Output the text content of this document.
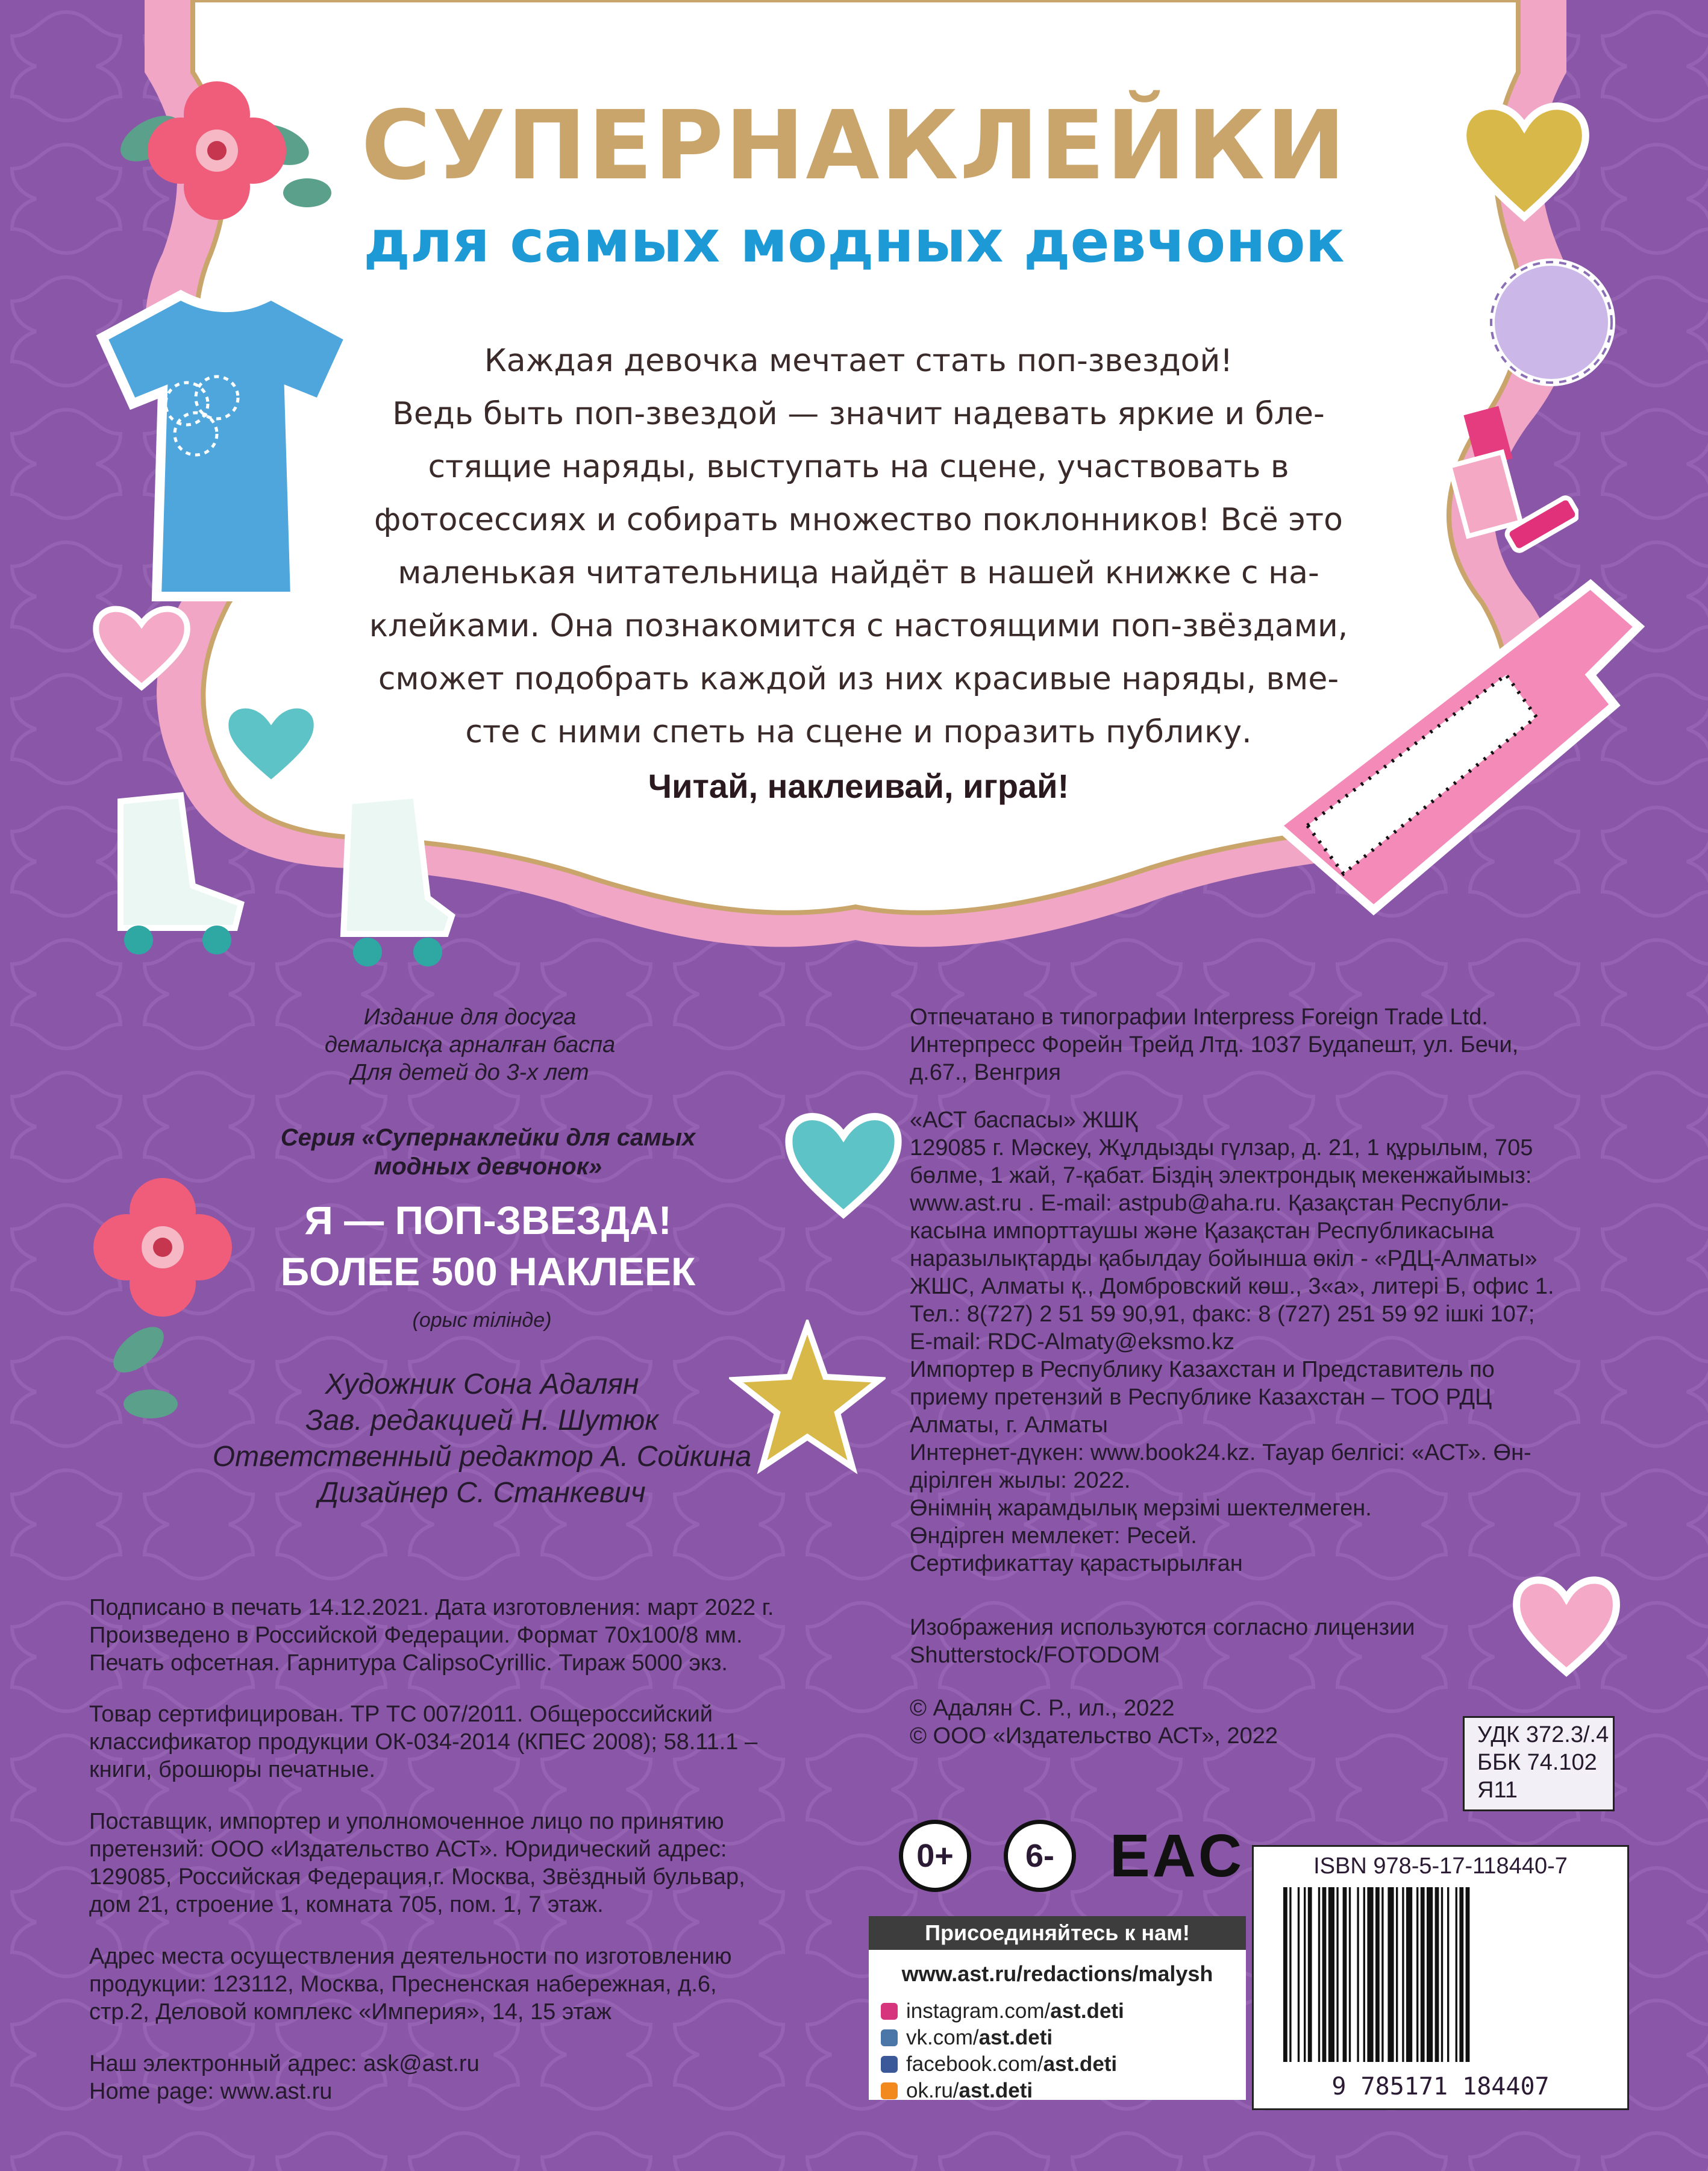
СУПЕРНАКЛЕЙКИ
для самых модных девчонок
Каждая девочка мечтает стать поп-звездой!
Ведь быть поп-звездой — значит надевать яркие и бле-
стящие наряды, выступать на сцене, участвовать в
фотосессиях и собирать множество поклонников! Всё это
маленькая читательница найдёт в нашей книжке с на-
клейками. Она познакомится с настоящими поп-звёздами,
сможет подобрать каждой из них красивые наряды, вме-
сте с ними спеть на сцене и поразить публику.
Читай, наклеивай, играй!
Издание для досуга
демалысқа арналған баспа
Для детей до 3-х лет
Серия «Супернаклейки для самых
модных девчонок»
Я — ПОП-ЗВЕЗДА!
БОЛЕЕ 500 НАКЛЕЕК
(орыс тілінде)
Художник Сона Адалян
Зав. редакцией Н. Шутюк
Ответственный редактор А. Сойкина
Дизайнер С. Станкевич
Подписано в печать 14.12.2021. Дата изготовления: март 2022 г.
Произведено в Российской Федерации. Формат 70x100/8 мм.
Печать офсетная. Гарнитура CalipsoCyrillic. Тираж 5000 экз.
Товар сертифицирован. ТР ТС 007/2011. Общероссийский
классификатор продукции ОК-034-2014 (КПЕС 2008); 58.11.1 –
книги, брошюры печатные.
Поставщик, импортер и уполномоченное лицо по принятию
претензий: ООО «Издательство АСТ». Юридический адрес:
129085, Российская Федерация,г. Москва, Звёздный бульвар,
дом 21, строение 1, комната 705, пом. 1, 7 этаж.
Адрес места осуществления деятельности по изготовлению
продукции: 123112, Москва, Пресненская набережная, д.6,
стр.2, Деловой комплекс «Империя», 14, 15 этаж
Наш электронный адрес: ask@ast.ru
Home page: www.ast.ru
Отпечатано в типографии Interpress Foreign Trade Ltd.
Интерпресс Форейн Трейд Лтд. 1037 Будапешт, ул. Бечи,
д.67., Венгрия
«АСТ баспасы» ЖШҚ
129085 г. Мәскеу, Жұлдызды гүлзар, д. 21, 1 құрылым, 705
бөлме, 1 жай, 7-қабат. Біздің электрондық мекенжайымыз:
www.ast.ru . E-mail: astpub@aha.ru. Қазақстан Республи-
касына импорттаушы және Қазақстан Республикасына
наразылықтарды қабылдау бойынша өкіл - «РДЦ-Алматы»
ЖШС, Алматы қ., Домбровский көш., 3«а», литері Б, офис 1.
Тел.: 8(727) 2 51 59 90,91, факс: 8 (727) 251 59 92 ішкі 107;
E-mail: RDC-Almaty@eksmo.kz
Импортер в Республику Казахстан и Представитель по
приему претензий в Республике Казахстан – ТОО РДЦ
Алматы, г. Алматы
Интернет-дүкен: www.book24.kz. Тауар белгісі: «АСТ». Өн-
дірілген жылы: 2022.
Өнімнің жарамдылық мерзімі шектелмеген.
Өндірген мемлекет: Ресей.
Сертификаттау қарастырылған
Изображения используются согласно лицензии
Shutterstock/FOTODOM
© Адалян С. Р., ил., 2022
© ООО «Издательство АСТ», 2022	УДК 372.3/.4
ББК 74.102
Я11
0+	6- EAC
Присоединяйтесь к нам!
www.ast.ru/redactions/malysh
instagram.com/ast.deti
vk.com/ast.deti
facebook.com/ast.deti
ok.ru/ast.deti
ISBN 978-5-17-118440-7
9 785171 184407
